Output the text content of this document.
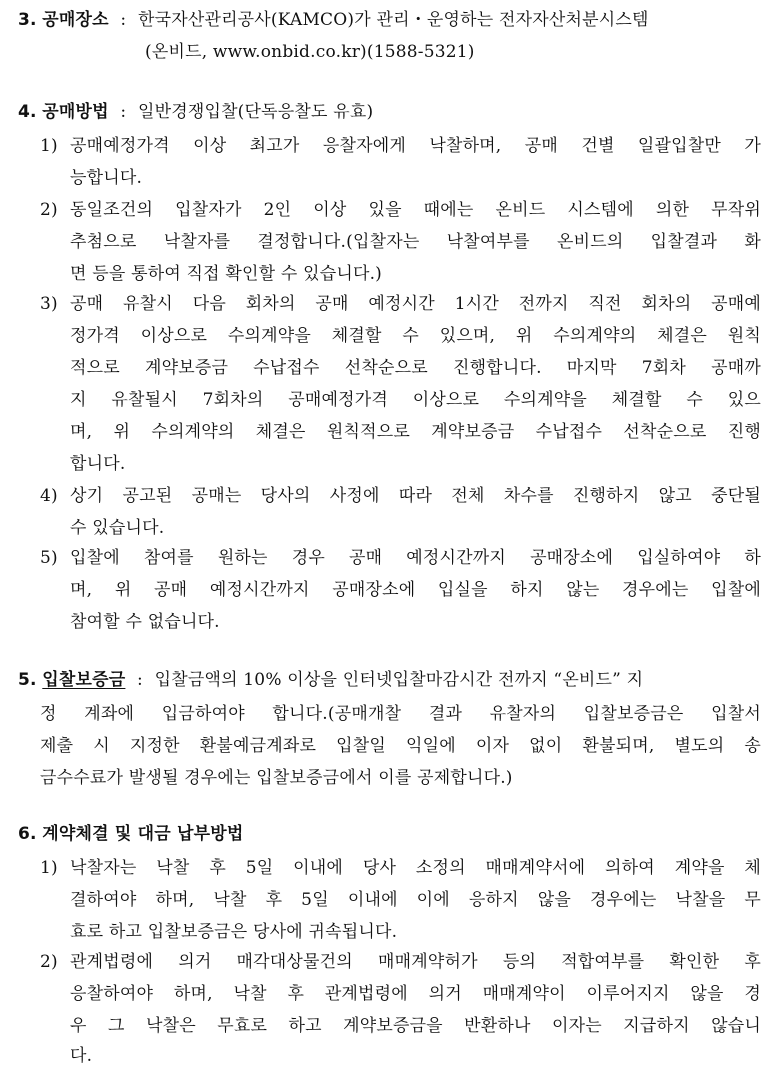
3. 공매장소 : 한국자산관리공사(KAMCO)가 관리・운영하는 전자자산처분시스템
(온비드, www.onbid.co.kr)(1588-5321)
4. 공매방법 : 일반경쟁입찰(단독응찰도 유효)
1) 공매예정가격 이상 최고가 응찰자에게 낙찰하며, 공매 건별 일괄입찰만 가
능합니다.
2) 동일조건의 입찰자가 2인 이상 있을 때에는 온비드 시스템에 의한 무작위
추첨으로 낙찰자를 결정합니다.(입찰자는 낙찰여부를 온비드의 입찰결과 화
면 등을 통하여 직접 확인할 수 있습니다.)
3) 공매 유찰시 다음 회차의 공매 예정시간 1시간 전까지 직전 회차의 공매예
정가격 이상으로 수의계약을 체결할 수 있으며, 위 수의계약의 체결은 원칙
적으로 계약보증금 수납접수 선착순으로 진행합니다. 마지막 7회차 공매까
지 유찰될시 7회차의 공매예정가격 이상으로 수의계약을 체결할 수 있으
며, 위 수의계약의 체결은 원칙적으로 계약보증금 수납접수 선착순으로 진행
합니다.
4) 상기 공고된 공매는 당사의 사정에 따라 전체 차수를 진행하지 않고 중단될
수 있습니다.
5) 입찰에 참여를 원하는 경우 공매 예정시간까지 공매장소에 입실하여야 하
며, 위 공매 예정시간까지 공매장소에 입실을 하지 않는 경우에는 입찰에
참여할 수 없습니다.
5. 입찰보증금 : 입찰금액의 10% 이상을 인터넷입찰마감시간 전까지 “온비드” 지
정 계좌에 입금하여야 합니다.(공매개찰 결과 유찰자의 입찰보증금은 입찰서
제출 시 지정한 환불예금계좌로 입찰일 익일에 이자 없이 환불되며, 별도의 송
금수수료가 발생될 경우에는 입찰보증금에서 이를 공제합니다.)
6. 계약체결 및 대금 납부방법
1) 낙찰자는 낙찰 후 5일 이내에 당사 소정의 매매계약서에 의하여 계약을 체
결하여야 하며, 낙찰 후 5일 이내에 이에 응하지 않을 경우에는 낙찰을 무
효로 하고 입찰보증금은 당사에 귀속됩니다.
2) 관계법령에 의거 매각대상물건의 매매계약허가 등의 적합여부를 확인한 후
응찰하여야 하며, 낙찰 후 관계법령에 의거 매매계약이 이루어지지 않을 경
우 그 낙찰은 무효로 하고 계약보증금을 반환하나 이자는 지급하지 않습니
다.
